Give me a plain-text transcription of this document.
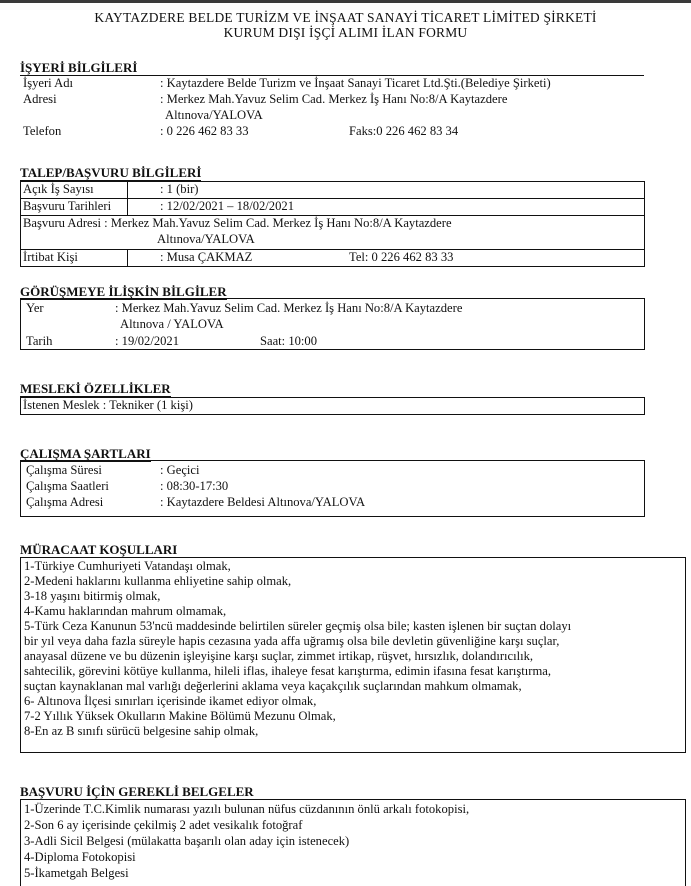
KAYTAZDERE BELDE TURİZM VE İNŞAAT SANAYİ TİCARET LİMİTED ŞİRKETİ
KURUM DIŞI İŞÇİ ALIMI İLAN FORMU
İŞYERİ BİLGİLERİ
İşyeri Adı	: Kaytazdere Belde Turizm ve İnşaat Sanayi Ticaret Ltd.Şti.(Belediye Şirketi)
Adresi	: Merkez Mah.Yavuz Selim Cad. Merkez İş Hanı No:8/A Kaytazdere
Altınova/YALOVA
Telefon	: 0 226 462 83 33	Faks:0 226 462 83 34
TALEP/BAŞVURU BİLGİLERİ
Açık İş Sayısı	: 1 (bir)
Başvuru Tarihleri	: 12/02/2021 – 18/02/2021
Başvuru Adresi : Merkez Mah.Yavuz Selim Cad. Merkez İş Hanı No:8/A Kaytazdere
Altınova/YALOVA
İrtibat Kişi	: Musa ÇAKMAZ	Tel: 0 226 462 83 33
GÖRÜŞMEYE İLİŞKİN BİLGİLER
Yer	: Merkez Mah.Yavuz Selim Cad. Merkez İş Hanı No:8/A Kaytazdere
Altınova / YALOVA
Tarih	: 19/02/2021	Saat: 10:00
MESLEKİ ÖZELLİKLER
İstenen Meslek : Tekniker (1 kişi)
ÇALIŞMA ŞARTLARI
Çalışma Süresi	: Geçici
Çalışma Saatleri	: 08:30-17:30
Çalışma Adresi	: Kaytazdere Beldesi Altınova/YALOVA
MÜRACAAT KOŞULLARI
1-Türkiye Cumhuriyeti Vatandaşı olmak,
2-Medeni haklarını kullanma ehliyetine sahip olmak,
3-18 yaşını bitirmiş olmak,
4-Kamu haklarından mahrum olmamak,
5-Türk Ceza Kanunun 53'ncü maddesinde belirtilen süreler geçmiş olsa bile; kasten işlenen bir suçtan dolayı
bir yıl veya daha fazla süreyle hapis cezasına yada affa uğramış olsa bile devletin güvenliğine karşı suçlar,
anayasal düzene ve bu düzenin işleyişine karşı suçlar, zimmet irtikap, rüşvet, hırsızlık, dolandırıcılık,
sahtecilik, görevini kötüye kullanma, hileli iflas, ihaleye fesat karıştırma, edimin ifasına fesat karıştırma,
suçtan kaynaklanan mal varlığı değerlerini aklama veya kaçakçılık suçlarından mahkum olmamak,
6- Altınova İlçesi sınırları içerisinde ikamet ediyor olmak,
7-2 Yıllık Yüksek Okulların Makine Bölümü Mezunu Olmak,
8-En az B sınıfı sürücü belgesine sahip olmak,
BAŞVURU İÇİN GEREKLİ BELGELER
1-Üzerinde T.C.Kimlik numarası yazılı bulunan nüfus cüzdanının önlü arkalı fotokopisi,
2-Son 6 ay içerisinde çekilmiş 2 adet vesikalık fotoğraf
3-Adli Sicil Belgesi (mülakatta başarılı olan aday için istenecek)
4-Diploma Fotokopisi
5-İkametgah Belgesi
